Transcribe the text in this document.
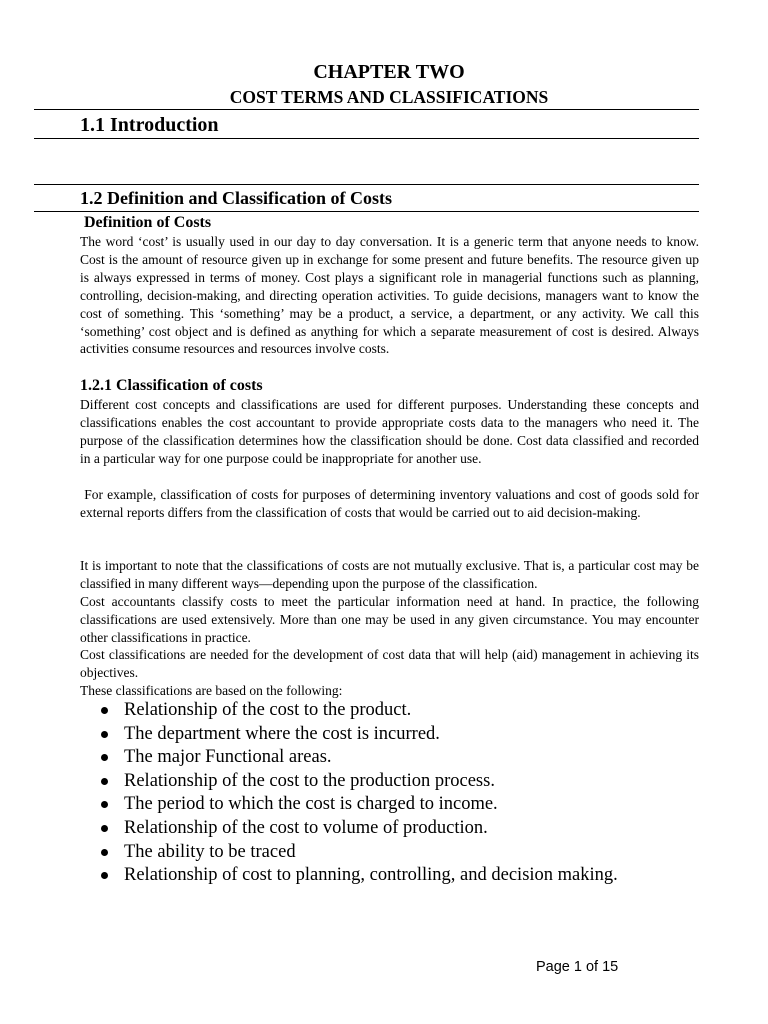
CHAPTER TWO
COST TERMS AND CLASSIFICATIONS
1.1 Introduction
1.2 Definition and Classification of Costs
Definition of Costs

The word ‘cost’ is usually used in our day to day conversation. It is a generic term that anyone needs to know. Cost is the amount of resource given up in exchange for some present and future benefits. The resource given up is always expressed in terms of money. Cost plays a significant role in managerial functions such as planning, controlling, decision-making, and directing operation activities. To guide decisions, managers want to know the cost of something. This ‘something’ may be a product, a service, a department, or any activity. We call this ‘something’ cost object and is defined as anything for which a separate measurement of cost is desired. Always activities consume resources and resources involve costs.

1.2.1 Classification of costs

Different cost concepts and classifications are used for different purposes. Understanding these concepts and classifications enables the cost accountant to provide appropriate costs data to the managers who need it. The purpose of the classification determines how the classification should be done. Cost data classified and recorded in a particular way for one purpose could be inappropriate for another use.

For example, classification of costs for purposes of determining inventory valuations and cost of goods sold for external reports differs from the classification of costs that would be carried out to aid decision-making.

It is important to note that the classifications of costs are not mutually exclusive. That is, a particular cost may be classified in many different ways—depending upon the purpose of the classification.

Cost accountants classify costs to meet the particular information need at hand. In practice, the following classifications are used extensively. More than one may be used in any given circumstance. You may encounter other classifications in practice.

Cost classifications are needed for the development of cost data that will help (aid) management in achieving its objectives.

These classifications are based on the following:

Relationship of the cost to the product.
The department where the cost is incurred.
The major Functional areas.
Relationship of the cost to the production process.
The period to which the cost is charged to income.
Relationship of the cost to volume of production.
The ability to be traced
Relationship of cost to planning, controlling, and decision making.
Page 1 of 15
